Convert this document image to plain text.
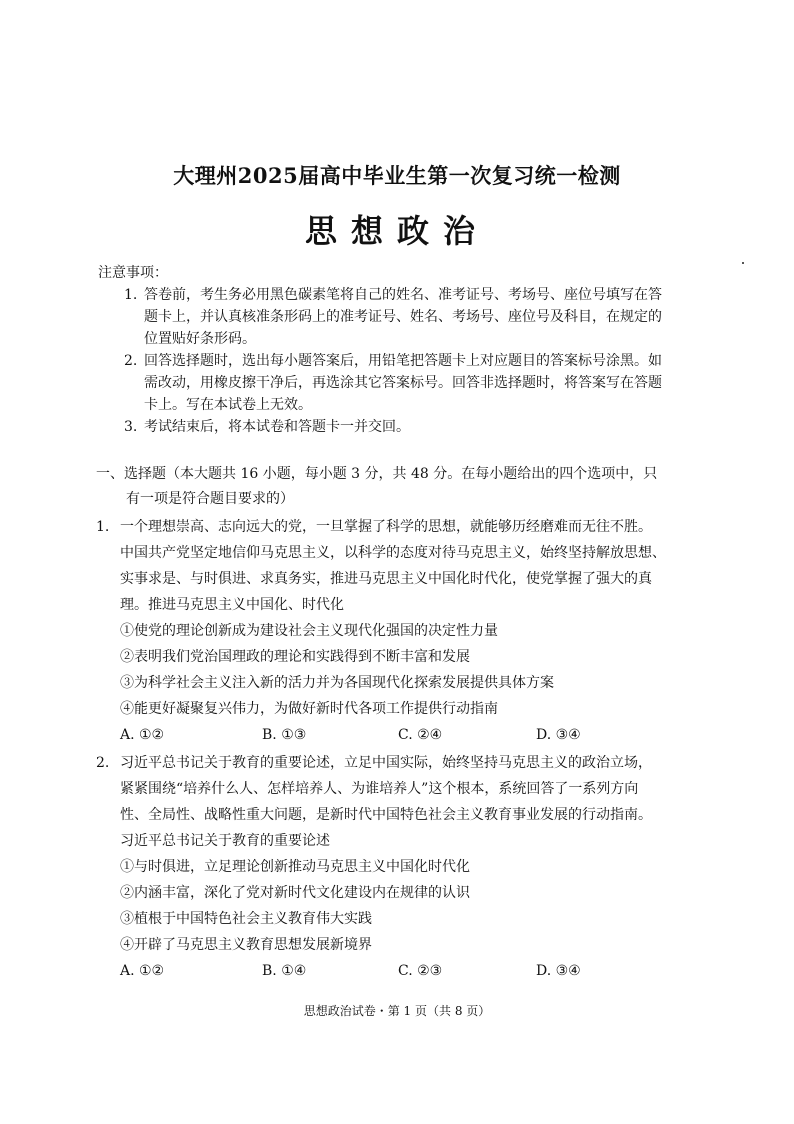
大理州2025届高中毕业生第一次复习统一检测
思想政治
注意事项：
1. 答卷前，考生务必用黑色碳素笔将自己的姓名、准考证号、考场号、座位号填写在答题卡上，并认真核准条形码上的准考证号、姓名、考场号、座位号及科目，在规定的位置贴好条形码。
2. 回答选择题时，选出每小题答案后，用铅笔把答题卡上对应题目的答案标号涂黑。如需改动，用橡皮擦干净后，再选涂其它答案标号。回答非选择题时，将答案写在答题卡上。写在本试卷上无效。
3. 考试结束后，将本试卷和答题卡一并交回。
一、选择题（本大题共 16 小题，每小题 3 分，共 48 分。在每小题给出的四个选项中，只
有一项是符合题目要求的）
1. 一个理想崇高、志向远大的党，一旦掌握了科学的思想，就能够历经磨难而无往不胜。
中国共产党坚定地信仰马克思主义，以科学的态度对待马克思主义，始终坚持解放思想、
实事求是、与时俱进、求真务实，推进马克思主义中国化时代化，使党掌握了强大的真
理。推进马克思主义中国化、时代化
①使党的理论创新成为建设社会主义现代化强国的决定性力量
②表明我们党治国理政的理论和实践得到不断丰富和发展
③为科学社会主义注入新的活力并为各国现代化探索发展提供具体方案
④能更好凝聚复兴伟力，为做好新时代各项工作提供行动指南
A. ①②	B. ①③	C. ②④	D. ③④
2. 习近平总书记关于教育的重要论述，立足中国实际，始终坚持马克思主义的政治立场，
紧紧围绕“培养什么人、怎样培养人、为谁培养人”这个根本，系统回答了一系列方向
性、全局性、战略性重大问题，是新时代中国特色社会主义教育事业发展的行动指南。
习近平总书记关于教育的重要论述
①与时俱进，立足理论创新推动马克思主义中国化时代化
②内涵丰富，深化了党对新时代文化建设内在规律的认识
③植根于中国特色社会主义教育伟大实践
④开辟了马克思主义教育思想发展新境界
A. ①②	B. ①④	C. ②③	D. ③④
思想政治试卷・第 1 页（共 8 页）
